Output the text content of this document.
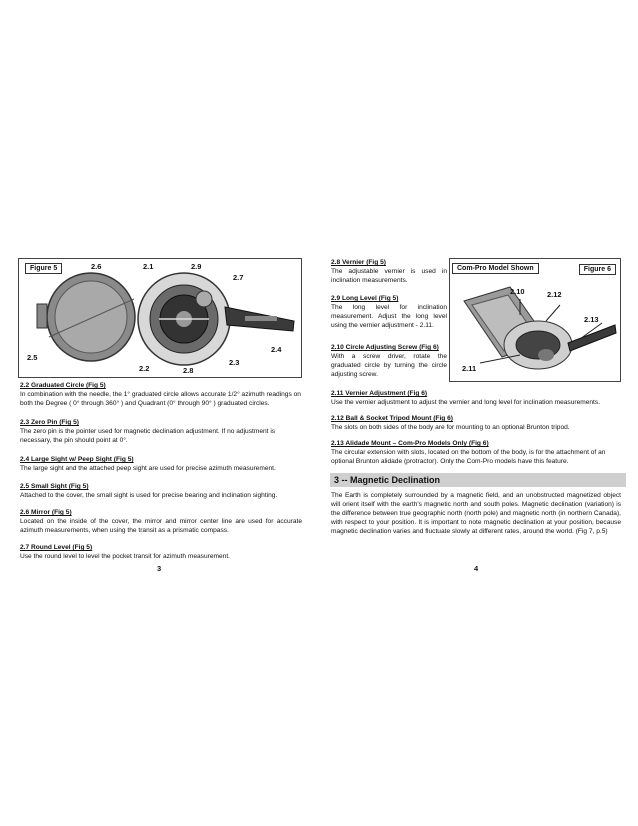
Figure 5	2.6	2.1	2.9
2.7
2.5
2.4
2.2	2.8
2.3
2.2 Graduated Circle (Fig 5)
In combination with the needle, the 1° graduated circle allows accurate 1/2° azimuth readings on both the Degree ( 0° through 360° ) and Quadrant (0° through 90° ) graduated circles.
2.3 Zero Pin (Fig 5)
The zero pin is the pointer used for magnetic declination adjustment. If no adjustment is necessary, the pin should point at 0°.
2.4 Large Sight w/ Peep Sight (Fig 5)
The large sight and the attached peep sight are used for precise azimuth measurement.
2.5 Small Sight (Fig 5)
Attached to the cover, the small sight is used for precise bearing and inclination sighting.
2.6 Mirror (Fig 5)
Located on the inside of the cover, the mirror and mirror center line are used for accurate azimuth measurements, when using the transit as a prismatic compass.
2.7 Round Level (Fig 5)
Use the round level to level the pocket transit for azimuth measurement.
3
2.8 Vernier (Fig 5)
The adjustable vernier is used in inclination measurements.
2.9 Long Level (Fig 5)
The long level for inclination measurement. Adjust the long level using the vernier adjustment - 2.11.
2.10 Circle Adjusting Screw (Fig 6)
With a screw driver, rotate the graduated circle by turning the circle adjusting screw.
Com-Pro Model Shown	Figure 6
2.10	2.12
2.13
2.11
2.11 Vernier Adjustment (Fig 6)
Use the vernier adjustment to adjust the vernier and long level for inclination measurements.
2.12 Ball & Socket Tripod Mount (Fig 6)
The slots on both sides of the body are for mounting to an optional Brunton tripod.
2.13 Alidade Mount – Com-Pro Models Only (Fig 6)
The circular extension with slots, located on the bottom of the body, is for the attachment of an optional Brunton alidade (protractor). Only the Com-Pro models have this feature.
3 -- Magnetic Declination
The Earth is completely surrounded by a magnetic field, and an unobstructed magnetized object will orient itself with the earth's magnetic north and south poles. Magnetic declination (variation) is the difference between true geographic north (north pole) and magnetic north (in northern Canada), with respect to your position. It is important to note magnetic declination at your position, because magnetic declination varies and fluctuate slowly at different rates, around the world. (Fig 7, p.5)
4
